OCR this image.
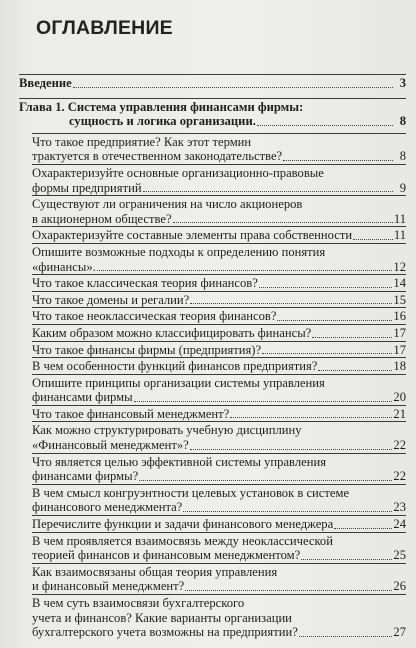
ОГЛАВЛЕНИЕ
Введение	3
Глава 1. Система управления финансами фирмы:
сущность и логика организации.	8
Что такое предприятие? Как этот термин
трактуется в отечественном законодательстве?	8
Охарактеризуйте основные организационно-правовые
формы предприятий	9
Существуют ли ограничения на число акционеров
в акционерном обществе?	11
Охарактеризуйте составные элементы права собственности	11
Опишите возможные подходы к определению понятия
«финансы».	12
Что такое классическая теория финансов?	14
Что такое домены и регалии?	15
Что такое неоклассическая теория финансов?	16
Каким образом можно классифицировать финансы?	17
Что такое финансы фирмы (предприятия)?	17
В чем особенности функций финансов предприятия?	18
Опишите принципы организации системы управления
финансами фирмы	20
Что такое финансовый менеджмент?	21
Как можно структурировать учебную дисциплину
«Финансовый менеджмент»?	22
Что является целью эффективной системы управления
финансами фирмы?	22
В чем смысл конгруэнтности целевых установок в системе
финансового менеджмента?	23
Перечислите функции и задачи финансового менеджера	24
В чем проявляется взаимосвязь между неоклассической
теорией финансов и финансовым менеджментом?	25
Как взаимосвязаны общая теория управления
и финансовый менеджмент?	26
В чем суть взаимосвязи бухгалтерского
учета и финансов? Какие варианты организации
бухгалтерского учета возможны на предприятии?	27
